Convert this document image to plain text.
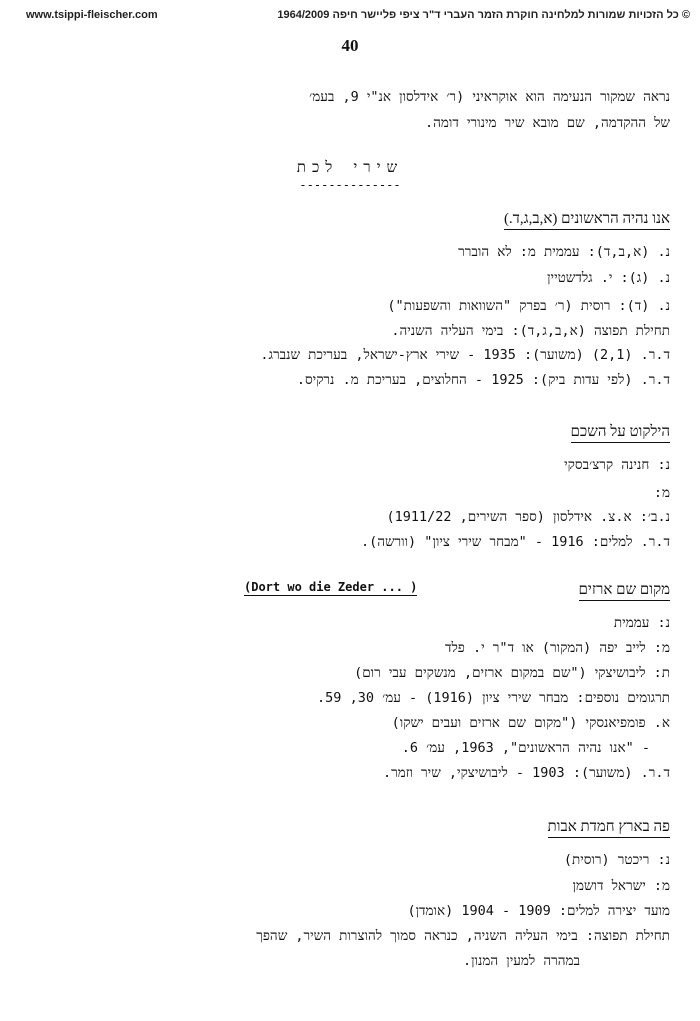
www.tsippi-fleischer.com	© כל הזכויות שמורות למלחינה חוקרת הזמר העברי ד"ר ציפי פליישר חיפה 1964/2009
40
נראה שמקור הנעימה הוא אוקראיני (ר׳ אידלסון אנ"י 9, בעמ׳
של ההקדמה, שם מובא שיר מינורי דומה.
שירי לכת
--------------
אנו נהיה הראשונים (א,ב,ג,ד.)
נ. (א,ב,ד): עממית מ: לא הוברר
נ. (ג): י. גלדשטיין
נ. (ד): רוסית (ר׳ בפרק "השוואות והשפעות")
תחילת תפוצה (א,ב,ג,ד): בימי העליה השניה.
ד.ר. (2,1) (משוער): 1935 - שירי ארץ-ישראל, בעריכת שנברג.
ד.ר. (לפי עדות ביק): 1925 - החלוצים, בעריכת מ. נרקיס.
הילקוט על השכם
נ: חנינה קרצ׳בסקי
מ:
נ.ב׳: א.צ. אידלסון (ספר השירים, 1911/22)
ד.ר. למלים: 1916 - "מבחר שירי ציון" (וורשה).
מקום שם ארזים
(Dort wo die Zeder ... )
נ: עממית
מ: לייב יפה (המקור) או ד"ר י. פלד
ת: ליבושיצקי ("שם במקום ארזים, מנשקים עבי רום)
תרגומים נוספים: מבחר שירי ציון (1916) - עמ׳ 30, 59.
א. פומפיאנסקי ("מקום שם ארזים ועבים ישקו)
- "אנו נהיה הראשונים", 1963, עמ׳ 6.
ד.ר. (משוער): 1903 - ליבושיצקי, שיר וזמר.
פה בארץ חמדת אבות
נ: ריכטר (רוסית)
מ: ישראל דושמן
מועד יצירה למלים: 1909 - 1904 (אומדן)
תחילת תפוצה: בימי העליה השניה, כנראה סמוך להוצרות השיר, שהפך
במהרה למעין המנון.
